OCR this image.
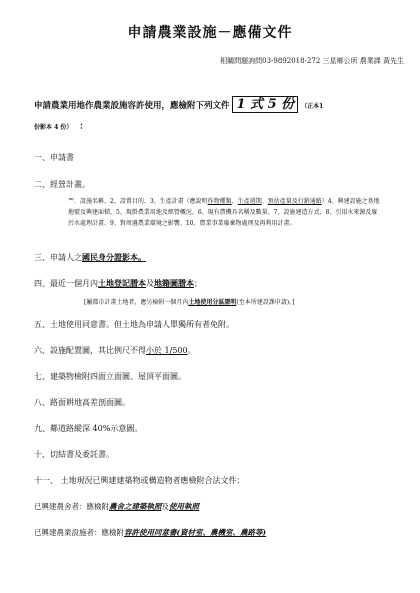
申請農業設施－應備文件
相關問題詢問03-9892018-272 三星鄉公所 農業課 黃先生
申請農業用地作農業設施容許使用，應檢附下列文件 1 式 5 份 （正本1
份影本 4 份） ：
一、申請書
二、經營計畫。
罒．設施名稱、2、設置目的、3、生產計畫（應說明作物種類、生產週期、預估產量及行銷通路）4、興建設施之基地地號及興建面積、5、現掛農業用地及經營概況、6、現有農機具名稱及數量、7、設施建造方式、8、引用水來源及廢污水處理計畫、9、對周邊農業環境之影響、10、農業事業廢棄物處理及再利用計畫。
三、申請人之國民身分證影本。
四、最近一個月內土地登記謄本及地籍圖謄本；
[屬都市計畫土地者，應另檢附一個月內土地使用分區證明(至本所建設課申請)。]
五、土地使用同意書。但土地為申請人單獨所有者免附。
六、設施配置圖，其比例尺不得小於 1/500。
七、建築物檢附四面立面圖、屋頂平面圖。
八、路面耕地高差剖面圖。
九、鄰道路縱深 40%示意圖。
十、切結書及委託書。
十一、 土地現況已興建建築物或構造物者應檢附合法文件：
已興建農舍者：應檢附農舍之建築執照及使用執照
已興建農業設施者：應檢附容許使用同意書(資材室、農機室、農路等)
